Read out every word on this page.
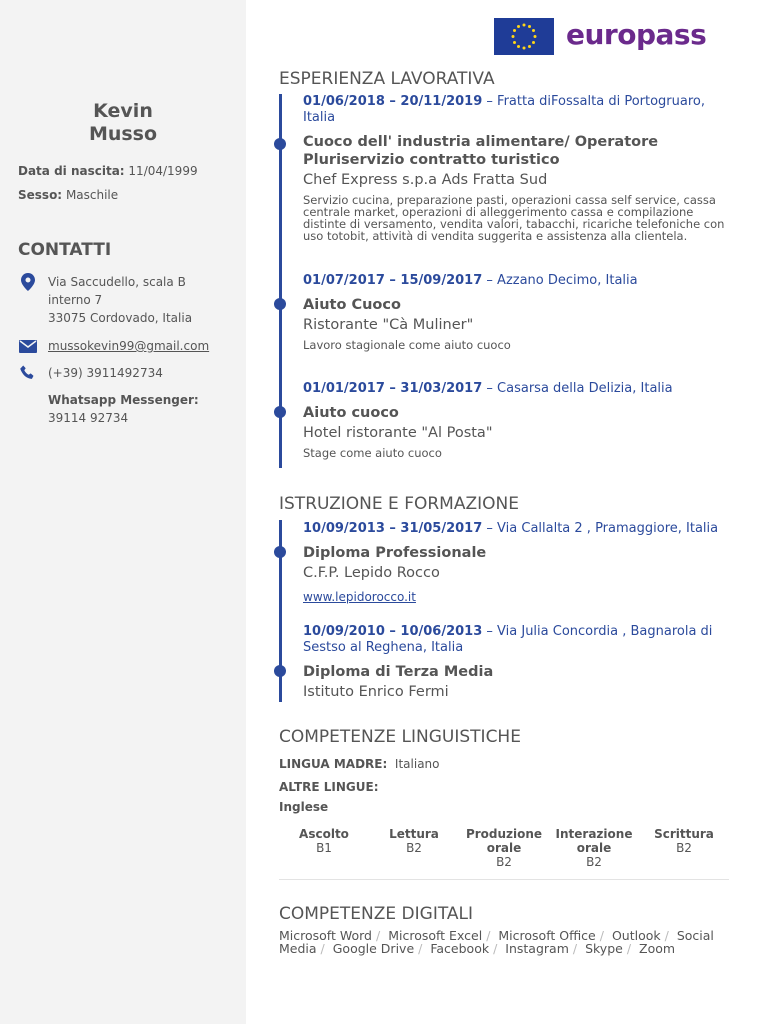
Kevin
Musso
Data di nascita: 11/04/1999
Sesso: Maschile
CONTATTI
Via Saccudello, scala B
interno 7
33075 Cordovado, Italia
mussokevin99@gmail.com
(+39) 3911492734
Whatsapp Messenger: 39114 92734
europass
ESPERIENZA LAVORATIVA
01/06/2018 – 20/11/2019 – Fratta diFossalta di Portogruaro, Italia
Cuoco dell' industria alimentare/ Operatore Pluriservizio contratto turistico
Chef Express s.p.a Ads Fratta Sud
Servizio cucina, preparazione pasti, operazioni cassa self service, cassa centrale market, operazioni di alleggerimento cassa e compilazione distinte di versamento, vendita valori, tabacchi, ricariche telefoniche con uso totobit, attività di vendita suggerita e assistenza alla clientela.
01/07/2017 – 15/09/2017 – Azzano Decimo, Italia
Aiuto Cuoco
Ristorante "Cà Muliner"
Lavoro stagionale come aiuto cuoco
01/01/2017 – 31/03/2017 – Casarsa della Delizia, Italia
Aiuto cuoco
Hotel ristorante "Al Posta"
Stage come aiuto cuoco
ISTRUZIONE E FORMAZIONE
10/09/2013 – 31/05/2017 – Via Callalta 2 , Pramaggiore, Italia
Diploma Professionale
C.F.P. Lepido Rocco
www.lepidorocco.it
10/09/2010 – 10/06/2013 – Via Julia Concordia , Bagnarola di Sestso al Reghena, Italia
Diploma di Terza Media
Istituto Enrico Fermi
COMPETENZE LINGUISTICHE
LINGUA MADRE: Italiano
ALTRE LINGUE:
Inglese
Ascolto
B1
Lettura
B2
Produzione
orale
B2
Interazione
orale
B2
Scrittura
B2
COMPETENZE DIGITALI
Microsoft Word / Microsoft Excel / Microsoft Office / Outlook / Social Media / Google Drive / Facebook / Instagram / Skype / Zoom
